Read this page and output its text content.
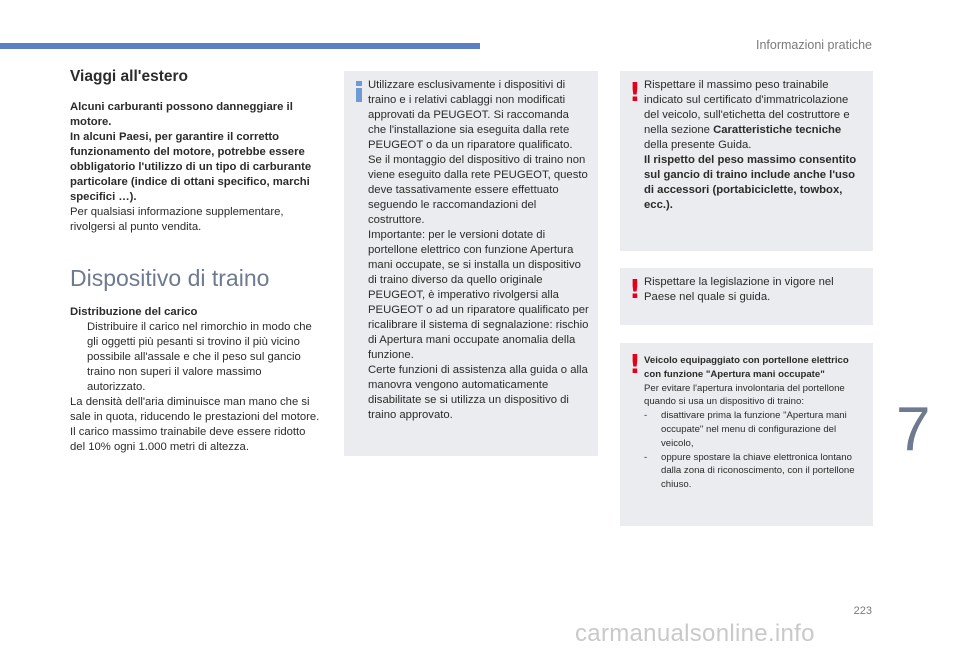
Informazioni pratiche
Viaggi all'estero

Alcuni carburanti possono danneggiare il motore.
In alcuni Paesi, per garantire il corretto funzionamento del motore, potrebbe essere obbligatorio l'utilizzo di un tipo di carburante particolare (indice di ottani specifico, marchi specifici …).

Per qualsiasi informazione supplementare, rivolgersi al punto vendita.

Dispositivo di traino

Distribuzione del carico

Distribuire il carico nel rimorchio in modo che gli oggetti più pesanti si trovino il più vicino possibile all'assale e che il peso sul gancio traino non superi il valore massimo autorizzato.

La densità dell'aria diminuisce man mano che si sale in quota, riducendo le prestazioni del motore. Il carico massimo trainabile deve essere ridotto del 10% ogni 1.000 metri di altezza.

Utilizzare esclusivamente i dispositivi di traino e i relativi cablaggi non modificati approvati da PEUGEOT. Si raccomanda che l'installazione sia eseguita dalla rete PEUGEOT o da un riparatore qualificato.
Se il montaggio del dispositivo di traino non viene eseguito dalla rete PEUGEOT, questo deve tassativamente essere effettuato seguendo le raccomandazioni del costruttore.
Importante: per le versioni dotate di portellone elettrico con funzione Apertura mani occupate, se si installa un dispositivo di traino diverso da quello originale PEUGEOT, è imperativo rivolgersi alla PEUGEOT o ad un riparatore qualificato per ricalibrare il sistema di segnalazione: rischio di Apertura mani occupate anomalia della funzione.
Certe funzioni di assistenza alla guida o alla manovra vengono automaticamente disabilitate se si utilizza un dispositivo di traino approvato.
! Rispettare il massimo peso trainabile indicato sul certificato d'immatricolazione del veicolo, sull'etichetta del costruttore e nella sezione Caratteristiche tecniche della presente Guida.

Il rispetto del peso massimo consentito sul gancio di traino include anche l'uso di accessori (portabiciclette, towbox, ecc.).

! Rispettare la legislazione in vigore nel Paese nel quale si guida.
! Veicolo equipaggiato con portellone elettrico con funzione "Apertura mani occupate"

Per evitare l'apertura involontaria del portellone quando si usa un dispositivo di traino:

-	disattivare prima la funzione "Apertura mani occupate" nel menu di configurazione del veicolo,
-	oppure spostare la chiave elettronica lontano dalla zona di riconoscimento, con il portellone chiuso.
7
223
carmanualsonline.info
